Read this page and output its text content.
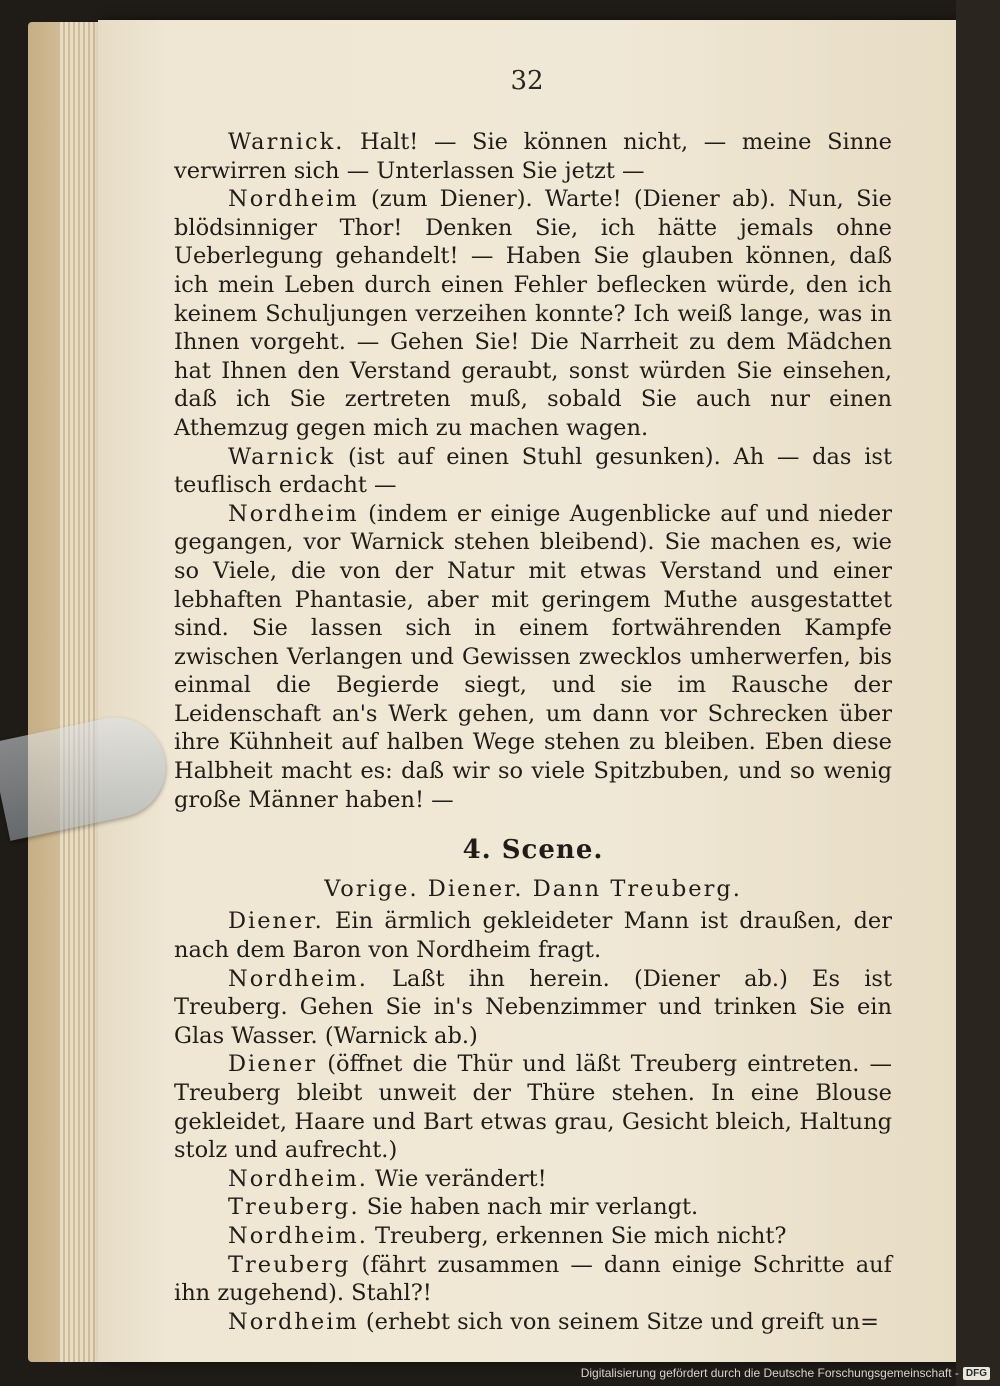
32

Warnick. Halt! — Sie können nicht, — meine Sinne verwirren sich — Unterlassen Sie jetzt —

Nordheim (zum Diener). Warte! (Diener ab). Nun, Sie blödsinniger Thor! Denken Sie, ich hätte jemals ohne Ueberlegung gehandelt! — Haben Sie glauben können, daß ich mein Leben durch einen Fehler beflecken würde, den ich keinem Schuljungen verzeihen konnte? Ich weiß lange, was in Ihnen vorgeht. — Gehen Sie! Die Narrheit zu dem Mädchen hat Ihnen den Verstand geraubt, sonst würden Sie einsehen, daß ich Sie zertreten muß, sobald Sie auch nur einen Athemzug gegen mich zu machen wagen.

Warnick (ist auf einen Stuhl gesunken). Ah — das ist teuflisch erdacht —

Nordheim (indem er einige Augenblicke auf und nieder gegangen, vor Warnick stehen bleibend). Sie machen es, wie so Viele, die von der Natur mit etwas Verstand und einer lebhaften Phantasie, aber mit geringem Muthe ausgestattet sind. Sie lassen sich in einem fortwährenden Kampfe zwischen Verlangen und Gewissen zwecklos umherwerfen, bis einmal die Begierde siegt, und sie im Rausche der Leidenschaft an's Werk gehen, um dann vor Schrecken über ihre Kühnheit auf halben Wege stehen zu bleiben. Eben diese Halbheit macht es: daß wir so viele Spitzbuben, und so wenig große Männer haben! —

4. Scene.
Vorige. Diener. Dann Treuberg.

Diener. Ein ärmlich gekleideter Mann ist draußen, der nach dem Baron von Nordheim fragt.

Nordheim. Laßt ihn herein. (Diener ab.) Es ist Treuberg. Gehen Sie in's Nebenzimmer und trinken Sie ein Glas Wasser. (Warnick ab.)

Diener (öffnet die Thür und läßt Treuberg eintreten. — Treuberg bleibt unweit der Thüre stehen. In eine Blouse gekleidet, Haare und Bart etwas grau, Gesicht bleich, Haltung stolz und aufrecht.)

Nordheim. Wie verändert!

Treuberg. Sie haben nach mir verlangt.

Nordheim. Treuberg, erkennen Sie mich nicht?

Treuberg (fährt zusammen — dann einige Schritte auf ihn zugehend). Stahl?!

Nordheim (erhebt sich von seinem Sitze und greift un=

Digitalisierung gefördert durch die Deutsche Forschungsgemeinschaft - DFG
